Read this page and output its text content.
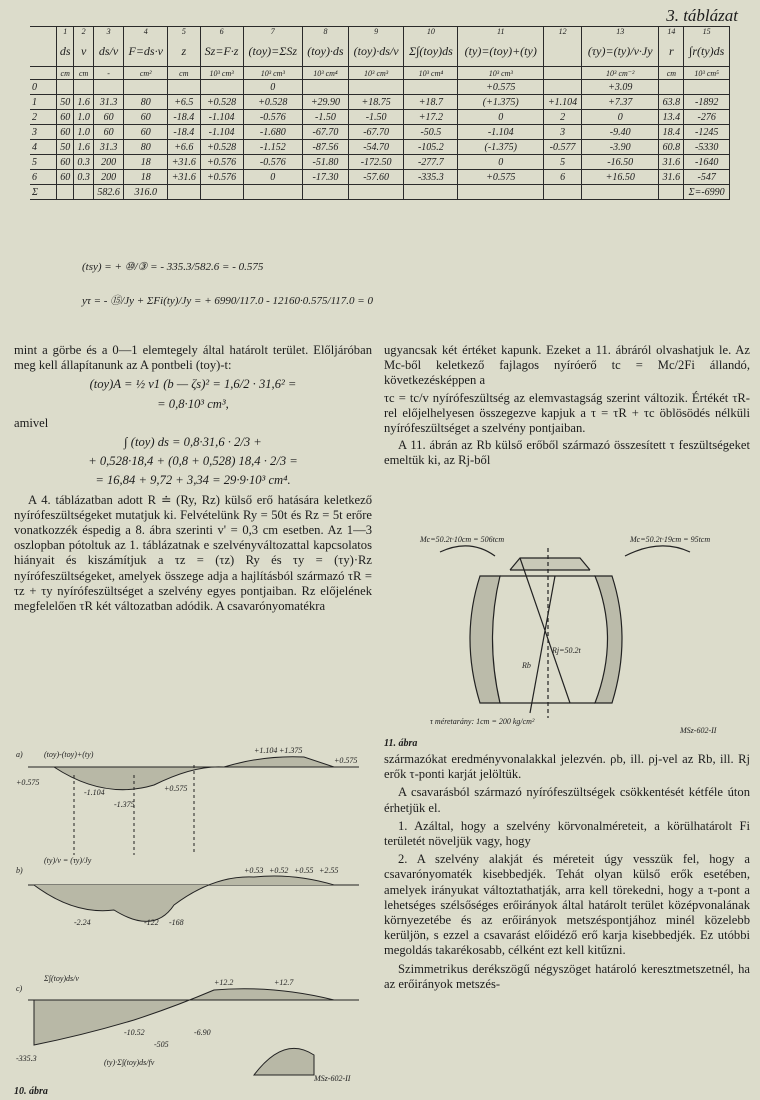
3. táblázat
	1	2	3	4	5	6	7	8	9	10	11	12	13	14	15
	ds	v	ds/v	F=ds·v	z	Sz=F·z	(toy)=ΣSz	(toy)·ds	(toy)·ds/v	Σ∫(toy)ds	(ty)=(toy)+(ty)		(τy)=(ty)/v·Jy	r	∫r(ty)ds
	cm	cm	-	cm²	cm	10³ cm³	10³ cm³	10³ cm⁴	10³ cm³	10³ cm⁴	10³ cm³		10³ cm⁻²	cm	10³ cm⁵
0							0				+0.575		+3.09		
1	50	1.6	31.3	80	+6.5	+0.528	+0.528	+29.90	+18.75	+18.7	(+1.375)	+1.104	+7.37	63.8	-1892
2	60	1.0	60	60	-18.4	-1.104	-0.576	-1.50	-1.50	+17.2	0	2	0	13.4	-276
3	60	1.0	60	60	-18.4	-1.104	-1.680	-67.70	-67.70	-50.5	-1.104	3	-9.40	18.4	-1245
4	50	1.6	31.3	80	+6.6	+0.528	-1.152	-87.56	-54.70	-105.2	(-1.375)	-0.577	-3.90	60.8	-5330
5	60	0.3	200	18	+31.6	+0.576	-0.576	-51.80	-172.50	-277.7	0	5	-16.50	31.6	-1640
6	60	0.3	200	18	+31.6	+0.576	0	-17.30	-57.60	-335.3	+0.575	6	+16.50	31.6	-547
Σ			582.6	316.0											Σ=-6990
(tsy) = + ⑩/③ = - 335.3/582.6 = - 0.575
yτ = - ⑮/Jy + ΣFi(ty)/Jy = + 6990/117.0 - 12160·0.575/117.0 = 0

mint a görbe és a 0—1 elemtegely által határolt terület. Előljáróban meg kell állapítanunk az A pontbeli (toy)-t:

(toy)A = ½ v1 (b — ζs)² = 1,6/2 · 31,6² =

= 0,8·10³ cm³,

amivel

∫ (toy) ds = 0,8·31,6 · 2/3 +

+ 0,528·18,4 + (0,8 + 0,528) 18,4 · 2/3 =

= 16,84 + 9,72 + 3,34 = 29·9·10³ cm⁴.

A 4. táblázatban adott R ≐ (Ry, Rz) külső erő hatására keletkező nyírófeszültségeket mutatjuk ki. Felvételünk Ry = 50t és Rz = 5t erőre vonatkozzék éspedig a 8. ábra szerinti v' = 0,3 cm esetben. Az 1—3 oszlopban pótoltuk az 1. táblázatnak e szelvényváltozattal kapcsolatos hiányait és kiszámítjuk a τz = (τz) Ry és τy = (τy)·Rz nyírófeszültségeket, amelyek összege adja a hajlításból származó τR = τz + τy nyírófeszültséget a szelvény egyes pontjaiban. Rz előjelének megfelelően τR két változatban adódik. A csavarónyomatékra

ugyancsak két értéket kapunk. Ezeket a 11. ábráról olvashatjuk le. Az Mc-ből keletkező fajlagos nyíróerő tc = Mc/2Fi állandó, következésképpen a

τc = tc/v nyírófeszültség az elemvastagság szerint változik. Értékét τR-rel előjelhelyesen összegezve kapjuk a τ = τR + τc öblösödés nélküli nyírófeszültséget a szelvény pontjaiban.

A 11. ábrán az Rb külső erőből származó összesített τ feszültségeket emeltük ki, az Rj-ből

Mc=50.2t·10cm = 506tcm	Mc=50.2t·19cm = 95tcm
Rb
Rj=50.2t
τ méretarány: 1cm = 200 kg/cm²
MSz-602-II
11. ábra
a)	(toy)-(toy)+(ty)
+0.575
+1.104 +1.375
+0.575
-1.104
-1.375
+0.575
b)
(ty)/v = (τy)/Jy
+0.53 +0.52 +0.55 +2.55
-2.24	-122 -168
c)
Σ∫(toy)ds/v
-335.3
+12.2	+12.7
-10.52
-505
-6.90
(ty)·Σ∫(toy)ds/fv
MSz-602-II
10. ábra

származókat eredményvonalakkal jelezvén. ρb, ill. ρj-vel az Rb, ill. Rj erők τ-ponti karját jelöltük.

A csavarásból származó nyírófeszültségek csökkentését kétféle úton érhetjük el.

1. Azáltal, hogy a szelvény körvonalméreteit, a körülhatárolt Fi területét növeljük vagy, hogy

2. A szelvény alakját és méreteit úgy vesszük fel, hogy a csavarónyomaték kisebbedjék. Tehát olyan külső erők esetében, amelyek irányukat változtathatják, arra kell törekedni, hogy a τ-pont a lehetséges szélsőséges erőirányok által határolt terület középvonalának környezetébe és az erőirányok metszéspontjához minél közelebb kerüljön, s ezzel a csavarást előidéző erő karja kisebbedjék. Ez utóbbi megoldás takarékosabb, célként ezt kell kitűzni.

Szimmetrikus derékszögű négyszöget határoló keresztmetszetnél, ha az erőirányok metszés-
